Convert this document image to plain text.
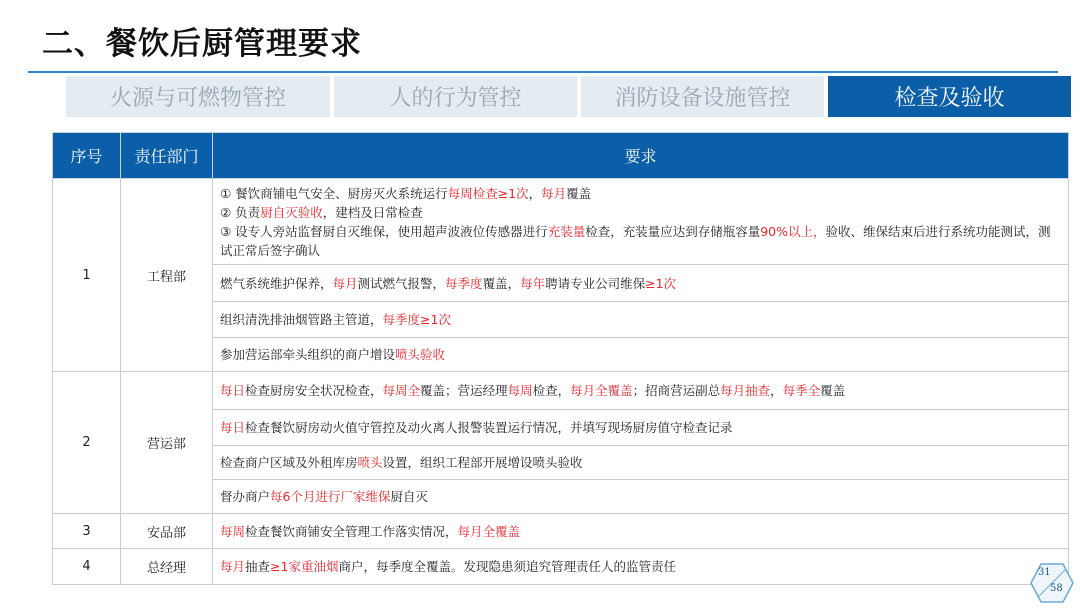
二、餐饮后厨管理要求
火源与可燃物管控	人的行为管控	消防设备设施管控	检查及验收
序号	责任部门	要求
1	工程部	① 餐饮商铺电气安全、厨房灭火系统运行每周检查≥1次，每月覆盖
② 负责厨自灭验收，建档及日常检查
③ 设专人旁站监督厨自灭维保，使用超声波液位传感器进行充装量检查，充装量应达到存储瓶容量90%以上，验收、维保结束后进行系统功能测试，测试正常后签字确认

		燃气系统维护保养，每月测试燃气报警，每季度覆盖，每年聘请专业公司维保≥1次

		组织清洗排油烟管路主管道，每季度≥1次

		参加营运部牵头组织的商户增设喷头验收

2	营运部	每日检查厨房安全状况检查，每周全覆盖；营运经理每周检查，每月全覆盖；招商营运副总每月抽查，每季全覆盖

		每日检查餐饮厨房动火值守管控及动火离人报警装置运行情况，并填写现场厨房值守检查记录

		检查商户区域及外租库房喷头设置，组织工程部开展增设喷头验收

		督办商户每6个月进行厂家维保厨自灭

3	安品部	每周检查餐饮商铺安全管理工作落实情况，每月全覆盖

4	总经理	每月抽查≥1家重油烟商户，每季度全覆盖。发现隐患须追究管理责任人的监管责任	31
58
